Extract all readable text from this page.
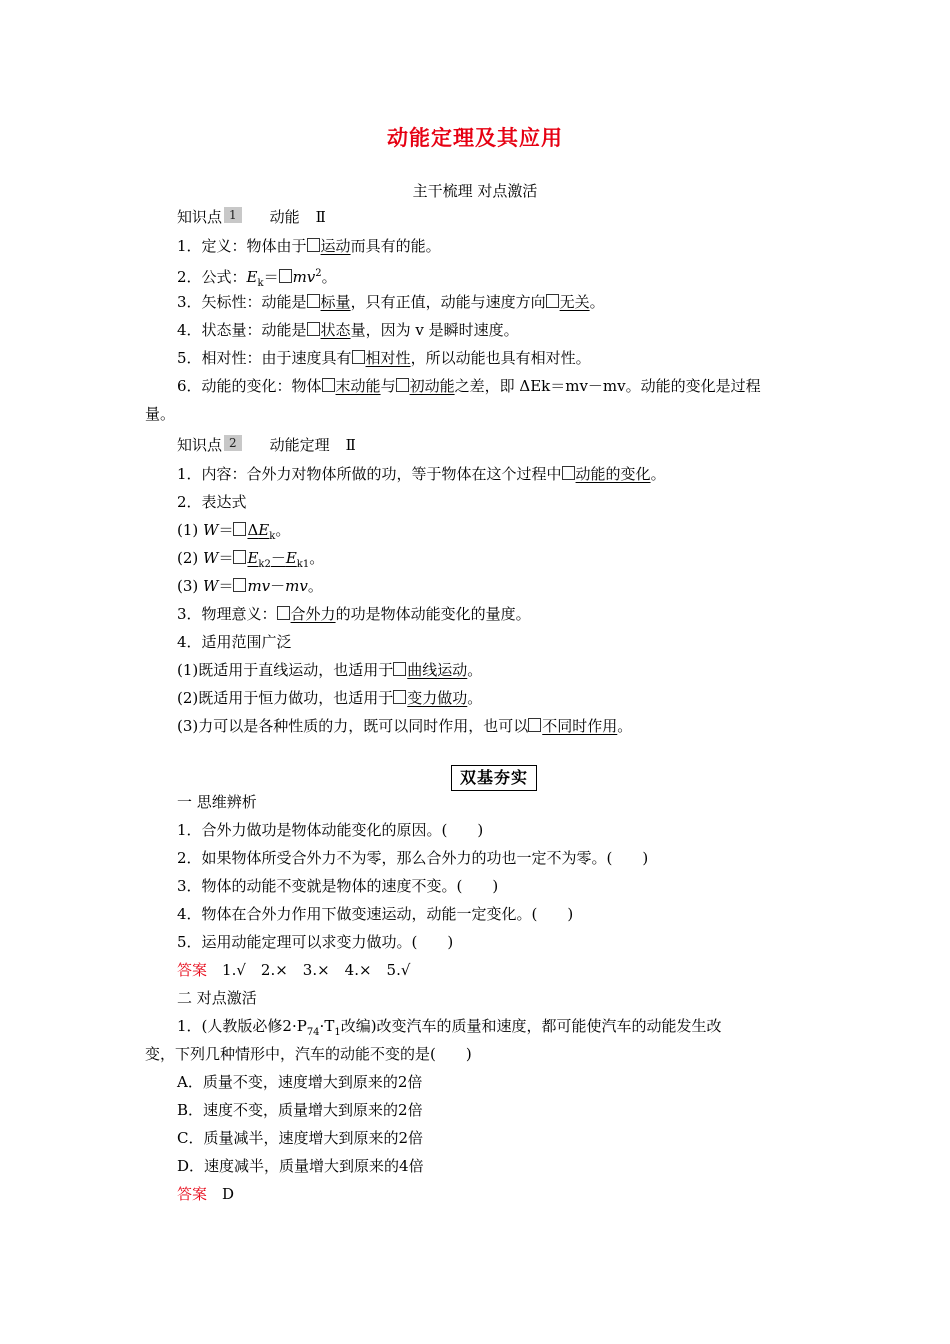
动能定理及其应用
主干梳理 对点激活
知识点 1 动能 Ⅱ
1．定义：物体由于 运动而具有的能。
2．公式：$E_k= mv^2$。
3．矢标性：动能是 标量，只有正值，动能与速度方向 无关。
4．状态量：动能是 状态量，因为 v 是瞬时速度。
5．相对性：由于速度具有 相对性，所以动能也具有相对性。
6．动能的变化：物体 末动能与 初动能之差，即 ΔEk＝mv－mv。动能的变化是过程
量。
知识点 2 动能定理 Ⅱ
1．内容：合外力对物体所做的功，等于物体在这个过程中 动能的变化。
2．表达式
(1) $W= \Delta E_k$。
(2) $W= E_{k2}-E_{k1}$。
(3) W＝ mv－mv。
3．物理意义： 合外力的功是物体动能变化的量度。
4．适用范围广泛
(1)既适用于直线运动，也适用于 曲线运动。
(2)既适用于恒力做功，也适用于 变力做功。
(3)力可以是各种性质的力，既可以同时作用，也可以 不同时作用。
双基夯实
一 思维辨析
1．合外力做功是物体动能变化的原因。(　　)
2．如果物体所受合外力不为零，那么合外力的功也一定不为零。(　　)
3．物体的动能不变就是物体的速度不变。(　　)
4．物体在合外力作用下做变速运动，动能一定变化。(　　)
5．运用动能定理可以求变力做功。(　　)
答案　 1.√　2.×　3.×　4.×　5.√
二 对点激活
1．(人教版必修$2\cdot P_{74}\cdot T_1$改编)改变汽车的质量和速度，都可能使汽车的动能发生改
变，下列几种情形中，汽车的动能不变的是(　　)
A．质量不变，速度增大到原来的2倍
B．速度不变，质量增大到原来的2倍
C．质量减半，速度增大到原来的2倍
D．速度减半，质量增大到原来的4倍
答案　 D
